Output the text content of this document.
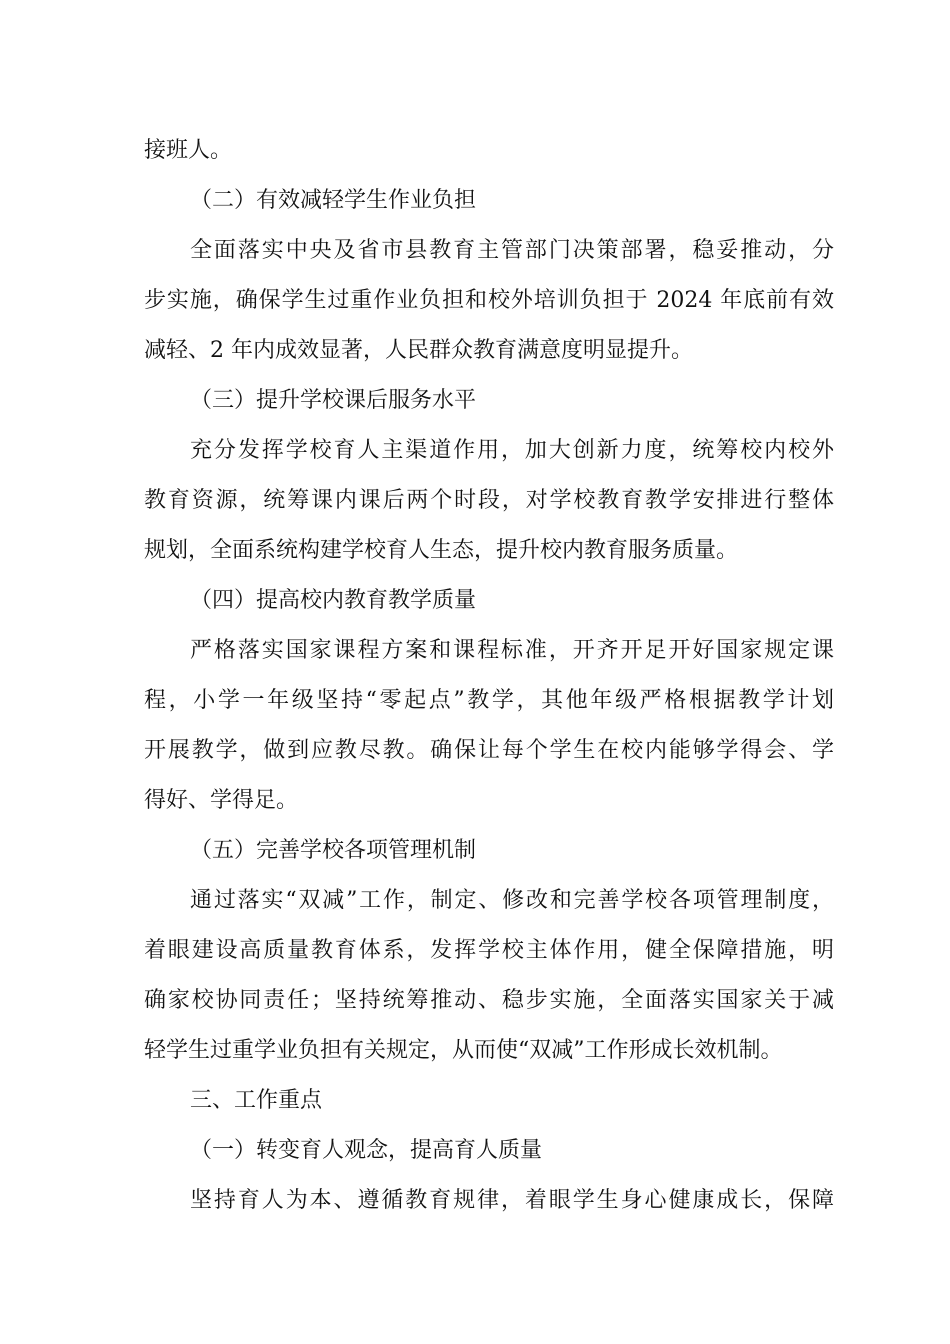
接班人。
（二）有效减轻学生作业负担
全面落实中央及省市县教育主管部门决策部署，稳妥推动，分
步实施，确保学生过重作业负担和校外培训负担于 2024 年底前有效
减轻、2 年内成效显著，人民群众教育满意度明显提升。
（三）提升学校课后服务水平
充分发挥学校育人主渠道作用，加大创新力度，统筹校内校外
教育资源，统筹课内课后两个时段，对学校教育教学安排进行整体
规划，全面系统构建学校育人生态，提升校内教育服务质量。
（四）提高校内教育教学质量
严格落实国家课程方案和课程标准，开齐开足开好国家规定课
程，小学一年级坚持“零起点”教学，其他年级严格根据教学计划
开展教学，做到应教尽教。确保让每个学生在校内能够学得会、学
得好、学得足。
（五）完善学校各项管理机制
通过落实“双减”工作，制定、修改和完善学校各项管理制度，
着眼建设高质量教育体系，发挥学校主体作用，健全保障措施，明
确家校协同责任；坚持统筹推动、稳步实施，全面落实国家关于减
轻学生过重学业负担有关规定，从而使“双减”工作形成长效机制。
三、工作重点
（一）转变育人观念，提高育人质量
坚持育人为本、遵循教育规律，着眼学生身心健康成长，保障
